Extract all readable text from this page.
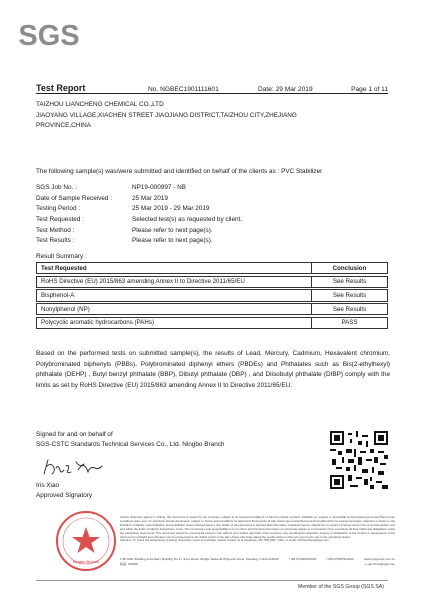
SGS
Test Report	No. NGBEC1901111601	Date: 29 Mar 2019	Page 1 of 11
TAIZHOU LIANCHENG CHEMICAL CO.,LTD
JIAOYANG VILLAGE,XIACHEN STREET JIAOJIANG DISTRICT,TAIZHOU CITY,ZHEJIANG
PROVINCE,CHINA
The following sample(s) was/were submitted and identified on behalf of the clients as : PVC Stabilizer
SGS Job No. :	NP19-000997 - NB
Date of Sample Received :	25 Mar 2019
Testing Period :	25 Mar 2019 - 29 Mar 2019
Test Requested :	Selected test(s) as requested by client.
Test Method :	Please refer to next page(s).
Test Results :	Please refer to next page(s).
Result Summary :
Test Requested	Conclusion

RoHS Directive (EU) 2015/863 amending Annex II to Directive 2011/65/EU	See Results

Bisphenol-A	See Results

Nonylphenol (NP)	See Results

Polycyclic aromatic hydrocarbons (PAHs)	PASS
Based on the performed tests on submitted sample(s), the results of Lead, Mercury, Cadmium, Hexavalent chromium, Polybrominated biphenyls (PBBs), Polybrominated diphenyl ethers (PBDEs) and Phthalates such as Bis(2-ethylhexyl) phthalate (DEHP) , Butyl benzyl phthalate (BBP), Dibutyl phthalate (DBP) , and Diisobutyl phthalate (DIBP) comply with the limits as set by RoHS Directive (EU) 2015/863 amending Annex II to Directive 2011/65/EU.
Signed for and on behalf of
SGS-CSTC Standards Technical Services Co., Ltd. Ningbo Branch
Iris Xiao
Approved Signatory
Ningbo Branch
Unless otherwise agreed in writing, this document is issued by the Company subject to its General Conditions of Service printed overleaf, available on request or accessible at http://www.sgs.com/en/Terms-and-Conditions.aspx and, for electronic format documents, subject to Terms and Conditions for Electronic Documents at http://www.sgs.com/en/Terms-and-Conditions/Terms-e-Document.aspx. Attention is drawn to the limitation of liability, indemnification and jurisdiction issues defined therein. Any holder of this document is advised that information contained hereon reflects the Company's findings at the time of its intervention only and within the limits of Client's instructions, if any. The Company's sole responsibility is to its Client and this document does not exonerate parties to a transaction from exercising all their rights and obligations under the transaction documents. This document cannot be reproduced except in full, without prior written approval of the Company. Any unauthorized alteration, forgery or falsification of the content or appearance of this document is unlawful and offenders may be prosecuted to the fullest extent of the law. Unless otherwise stated the results shown in this test report refer only to the sample(s) tested.
Attention: To check the authenticity of testing /inspection report & certificate, please contact us at telephone: (86-755) 8307 1443, or email: CN.Doccheck@sgs.com
1-5F Main Building & Auxiliary Building No.17 Jinye Road, Ningbo National High-tech Zone, Zhejiang, China 315040	t (86-574)89070249	f (86-574)87912342	www.sgsgroup.com.cn
邮编: 315040	e sgs.china@sgs.com
Member of the SGS Group (SGS SA)
